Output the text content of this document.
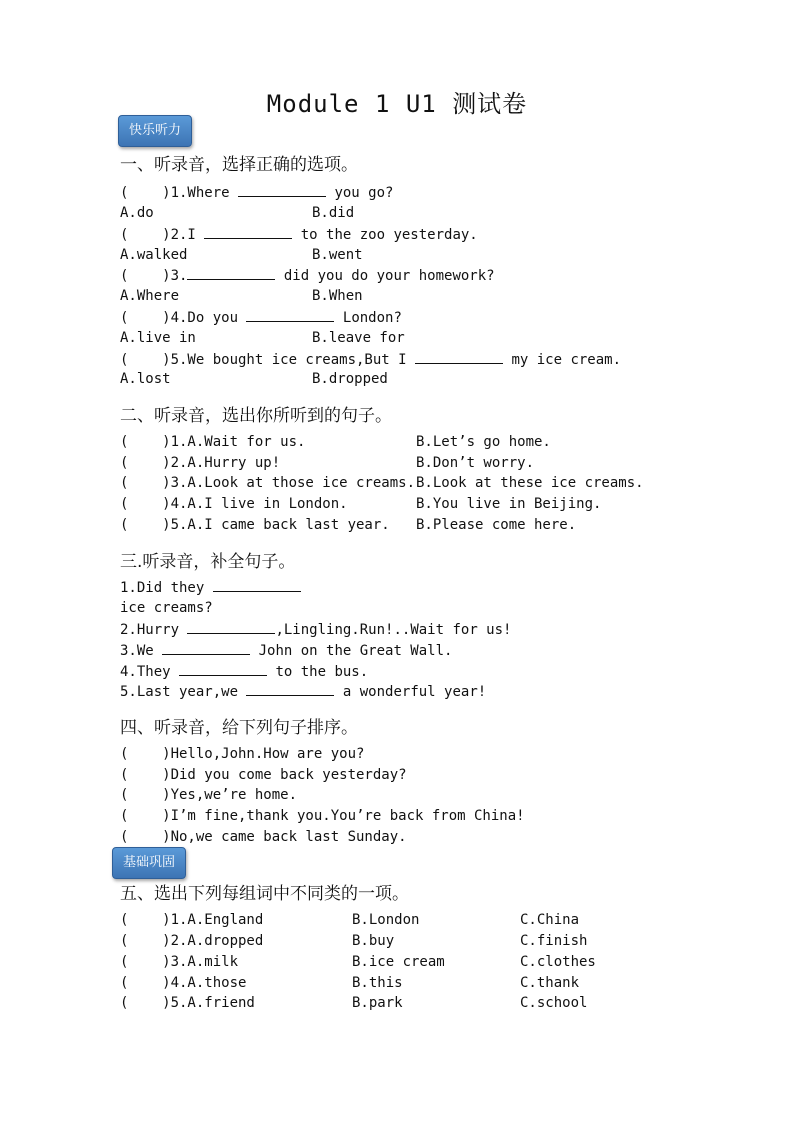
Module 1 U1 测试卷
快乐听力
一、听录音，选择正确的选项。
(    )1.Where	you go?
A.do	B.did
(    )2.I	to the zoo yesterday.
A.walked	B.went
(    )3.	did you do your homework?
A.Where	B.When
(    )4.Do you	London?
A.live in	B.leave for
(    )5.We bought ice creams,But I	my ice cream.
A.lost	B.dropped
二、听录音，选出你所听到的句子。
(    )1.A.Wait for us.	B.Let’s go home.
(    )2.A.Hurry up!	B.Don’t worry.
(    )3.A.Look at those ice creams. B.Look at these ice creams.
(    )4.A.I live in London.	B.You live in Beijing.
(    )5.A.I came back last year. B.Please come here.
三.听录音，补全句子。
1.Did they
ice creams?
2.Hurry	,Lingling.Run!..Wait for us!
3.We	John on the Great Wall.
4.They	to the bus.
5.Last year,we	a wonderful year!
四、听录音，给下列句子排序。
(    )Hello,John.How are you?
(    )Did you come back yesterday?
(    )Yes,we’re home.
(    )I’m fine,thank you.You’re back from China!
(    )No,we came back last Sunday.
基础巩固
五、选出下列每组词中不同类的一项。
(    )1.A.England	B.London	C.China
(    )2.A.dropped	B.buy	C.finish
(    )3.A.milk	B.ice cream	C.clothes
(    )4.A.those	B.this	C.thank
(    )5.A.friend	B.park	C.school
